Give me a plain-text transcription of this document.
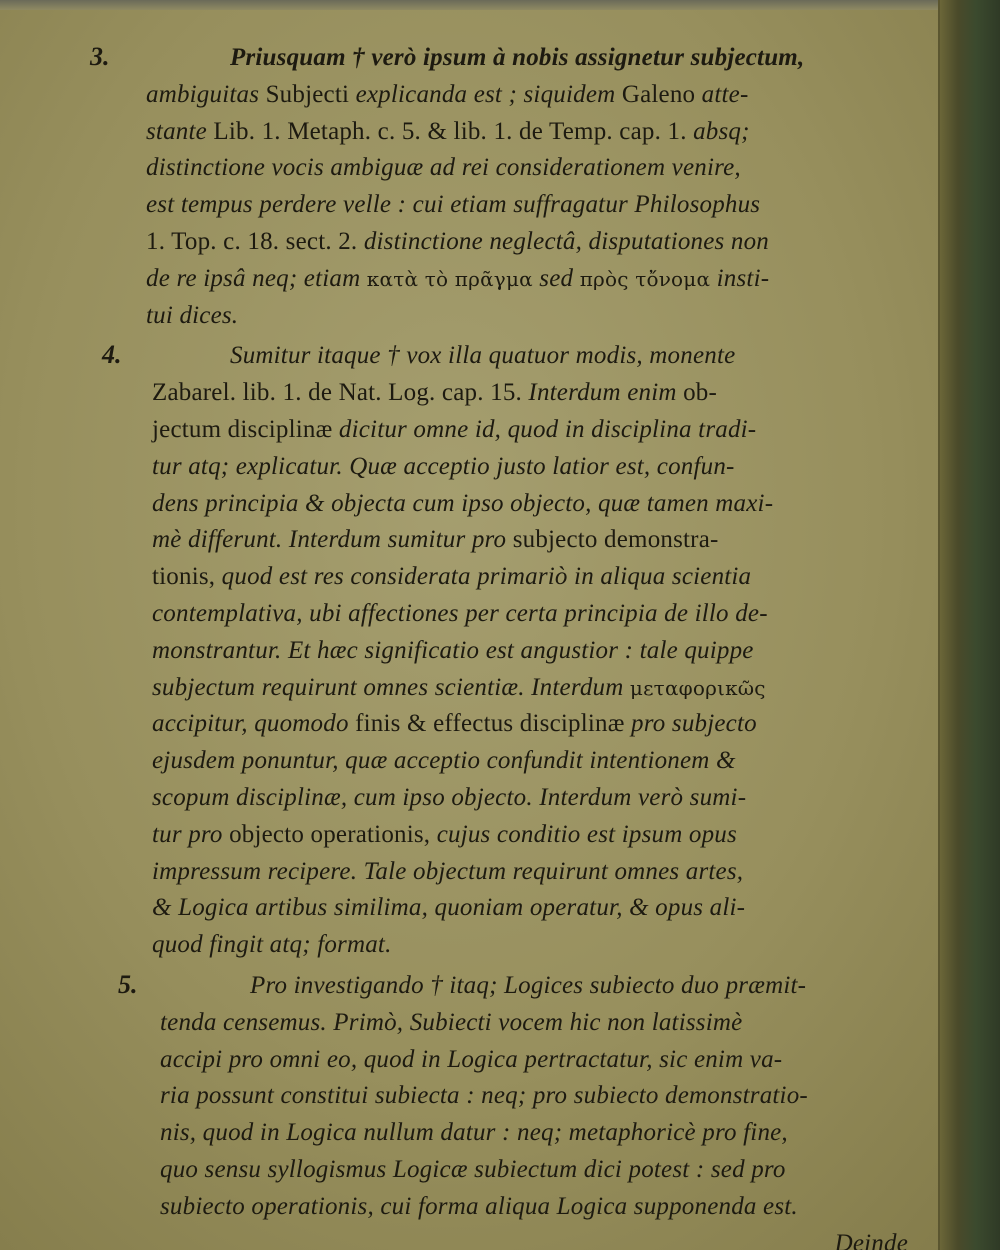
3.	Priusquam † verò ipsum à nobis assignetur subjectum,
ambiguitas Subjecti explicanda est ; siquidem Galeno atte-
stante Lib. 1. Metaph. c. 5. & lib. 1. de Temp. cap. 1. absq;
distinctione vocis ambiguæ ad rei considerationem venire,
est tempus perdere velle : cui etiam suffragatur Philosophus
1. Top. c. 18. sect. 2. distinctione neglectâ, disputationes non
de re ipsâ neq; etiam κατὰ τὸ πρᾶγμα sed πρὸς τὄνομα insti-
tui dices.
4.	Sumitur itaque † vox illa quatuor modis, monente
Zabarel. lib. 1. de Nat. Log. cap. 15. Interdum enim ob-
jectum disciplinæ dicitur omne id, quod in disciplina tradi-
tur atq; explicatur. Quæ acceptio justo latior est, confun-
dens principia & objecta cum ipso objecto, quæ tamen maxi-
mè differunt. Interdum sumitur pro subjecto demonstra-
tionis, quod est res considerata primariò in aliqua scientia
contemplativa, ubi affectiones per certa principia de illo de-
monstrantur. Et hæc significatio est angustior : tale quippe
subjectum requirunt omnes scientiæ. Interdum μεταφορικῶς
accipitur, quomodo finis & effectus disciplinæ pro subjecto
ejusdem ponuntur, quæ acceptio confundit intentionem &
scopum disciplinæ, cum ipso objecto. Interdum verò sumi-
tur pro objecto operationis, cujus conditio est ipsum opus
impressum recipere. Tale objectum requirunt omnes artes,
& Logica artibus similima, quoniam operatur, & opus ali-
quod fingit atq; format.
5.	Pro investigando † itaq; Logices subiecto duo præmit-
tenda censemus. Primò, Subiecti vocem hic non latissimè
accipi pro omni eo, quod in Logica pertractatur, sic enim va-
ria possunt constitui subiecta : neq; pro subiecto demonstratio-
nis, quod in Logica nullum datur : neq; metaphoricè pro fine,
quo sensu syllogismus Logicæ subiectum dici potest : sed pro
subiecto operationis, cui forma aliqua Logica supponenda est.
Deinde
